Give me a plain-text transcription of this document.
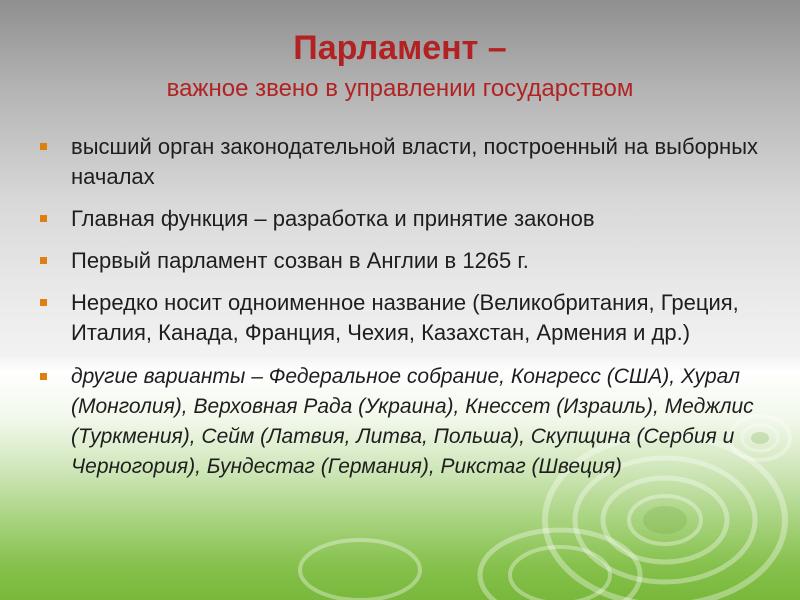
Парламент –
важное звено в управлении государством
высший орган законодательной власти, построенный на выборных началах
Главная функция – разработка и принятие законов
Первый парламент созван в Англии в 1265 г.
Нередко носит одноименное название (Великобритания, Греция, Италия, Канада, Франция, Чехия, Казахстан, Армения и др.)
другие варианты – Федеральное собрание, Конгресс (США), Хурал (Монголия), Верховная Рада (Украина), Кнессет (Израиль), Меджлис (Туркмения), Сейм (Латвия, Литва, Польша), Скупщина (Сербия и Черногория), Бундестаг (Германия), Рикстаг (Швеция)
